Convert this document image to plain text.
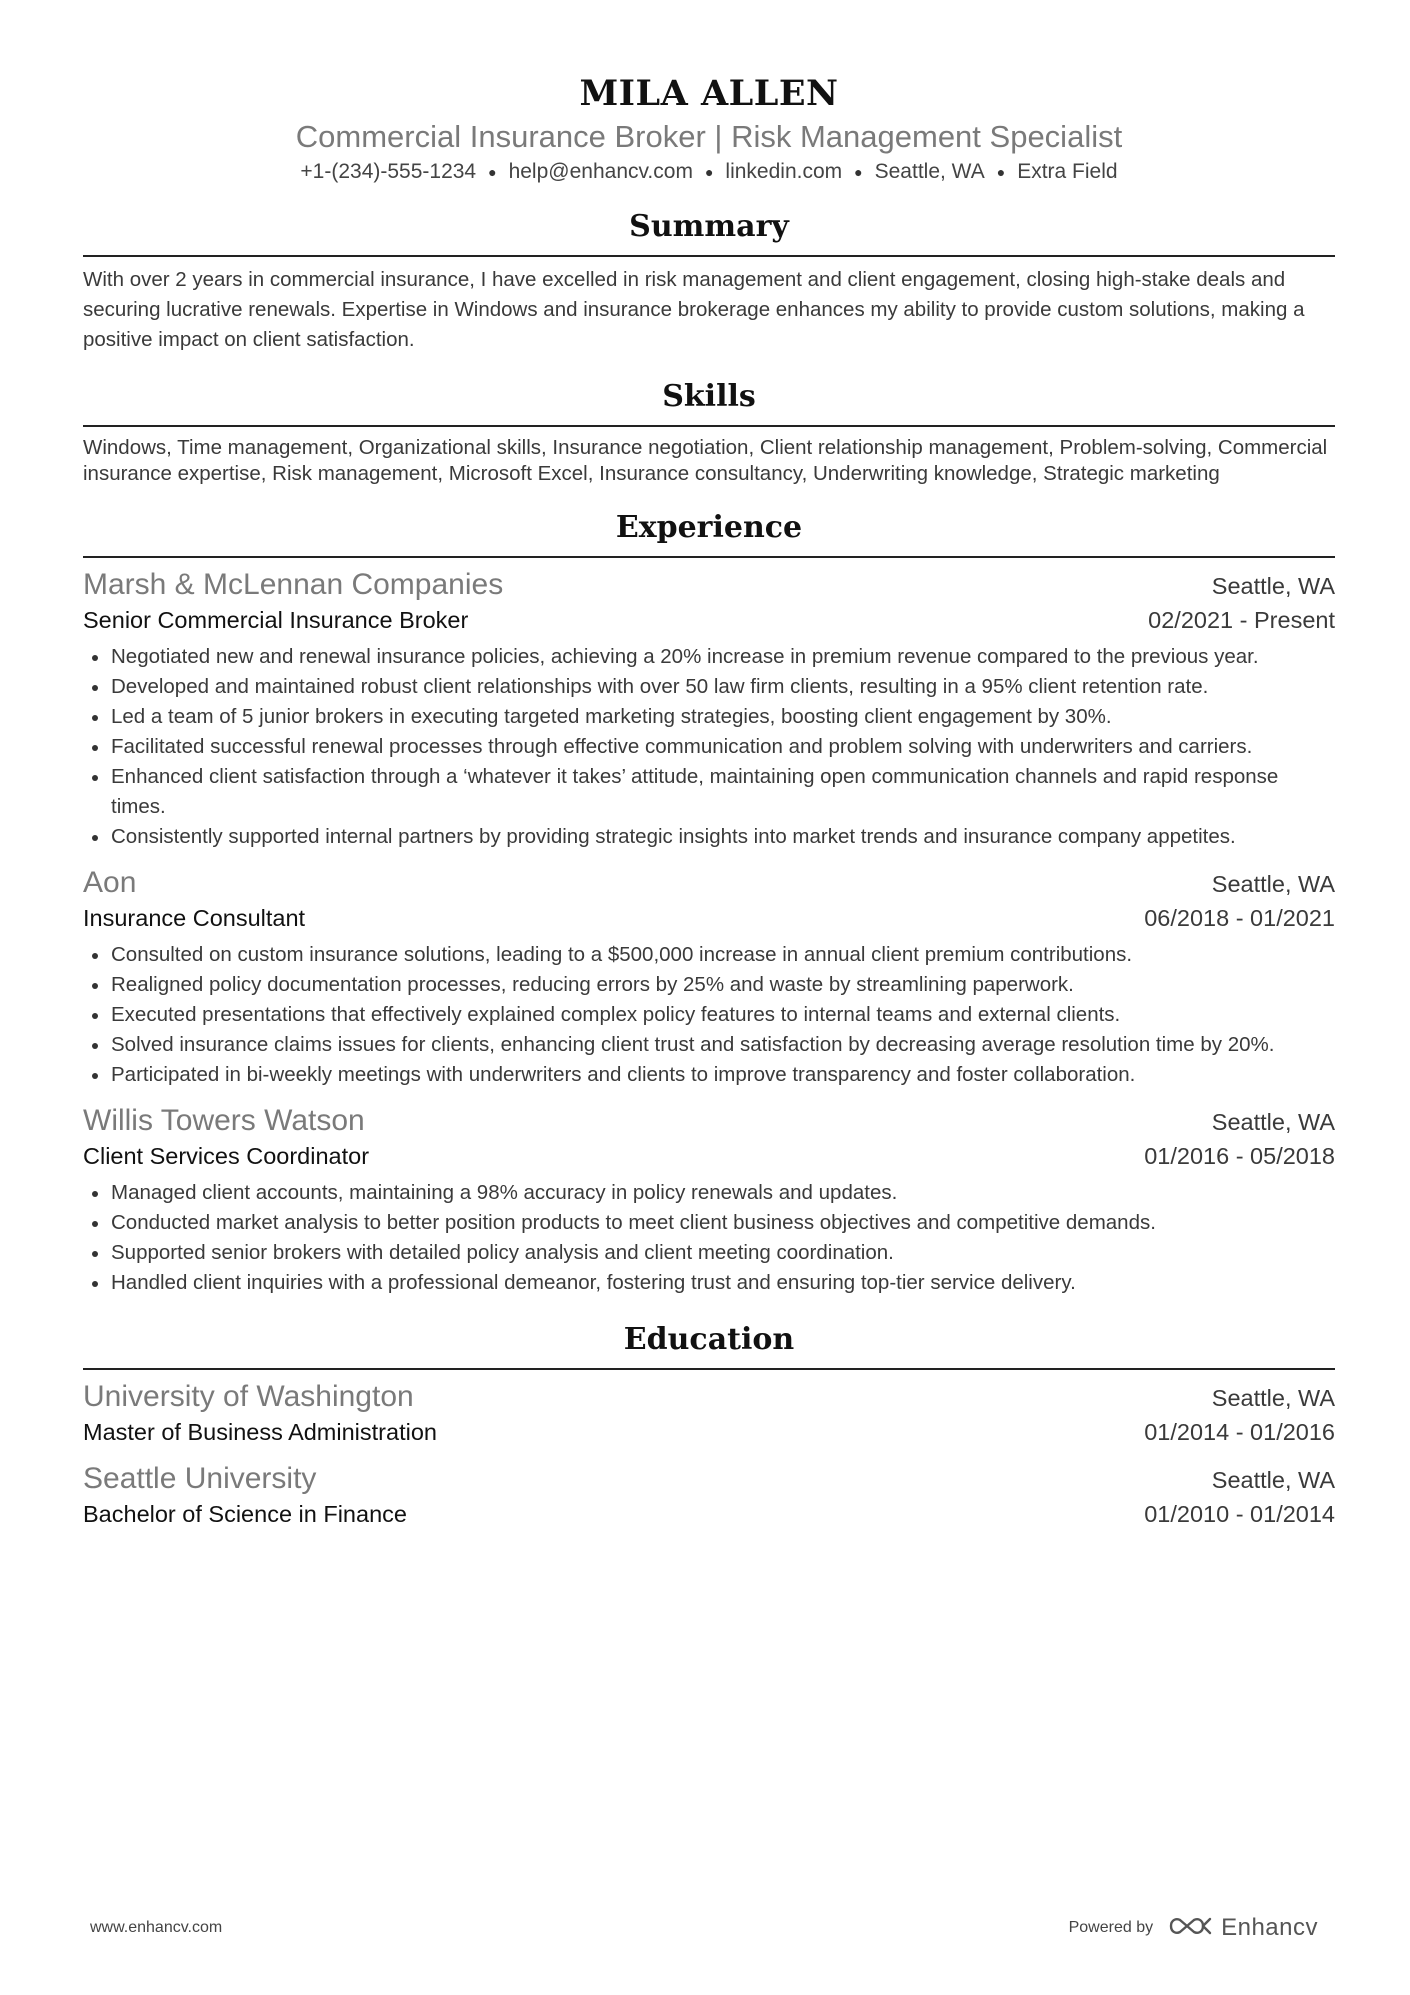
MILA ALLEN
Commercial Insurance Broker | Risk Management Specialist
+1-(234)-555-1234 ● help@enhancv.com ● linkedin.com ● Seattle, WA ● Extra Field
Summary
With over 2 years in commercial insurance, I have excelled in risk management and client engagement, closing high-stake deals and securing lucrative renewals. Expertise in Windows and insurance brokerage enhances my ability to provide custom solutions, making a positive impact on client satisfaction.
Skills
Windows, Time management, Organizational skills, Insurance negotiation, Client relationship management, Problem-solving, Commercial insurance expertise, Risk management, Microsoft Excel, Insurance consultancy, Underwriting knowledge, Strategic marketing
Experience
Marsh & McLennan Companies	Seattle, WA
Senior Commercial Insurance Broker	02/2021 - Present
Negotiated new and renewal insurance policies, achieving a 20% increase in premium revenue compared to the previous year.
Developed and maintained robust client relationships with over 50 law firm clients, resulting in a 95% client retention rate.
Led a team of 5 junior brokers in executing targeted marketing strategies, boosting client engagement by 30%.
Facilitated successful renewal processes through effective communication and problem solving with underwriters and carriers.
Enhanced client satisfaction through a ‘whatever it takes’ attitude, maintaining open communication channels and rapid response times.
Consistently supported internal partners by providing strategic insights into market trends and insurance company appetites.
Aon	Seattle, WA
Insurance Consultant	06/2018 - 01/2021
Consulted on custom insurance solutions, leading to a $500,000 increase in annual client premium contributions.
Realigned policy documentation processes, reducing errors by 25% and waste by streamlining paperwork.
Executed presentations that effectively explained complex policy features to internal teams and external clients.
Solved insurance claims issues for clients, enhancing client trust and satisfaction by decreasing average resolution time by 20%.
Participated in bi-weekly meetings with underwriters and clients to improve transparency and foster collaboration.
Willis Towers Watson	Seattle, WA
Client Services Coordinator	01/2016 - 05/2018
Managed client accounts, maintaining a 98% accuracy in policy renewals and updates.
Conducted market analysis to better position products to meet client business objectives and competitive demands.
Supported senior brokers with detailed policy analysis and client meeting coordination.
Handled client inquiries with a professional demeanor, fostering trust and ensuring top-tier service delivery.
Education
University of Washington	Seattle, WA
Master of Business Administration	01/2014 - 01/2016
Seattle University	Seattle, WA
Bachelor of Science in Finance	01/2010 - 01/2014
www.enhancv.com	Powered by	Enhancv
